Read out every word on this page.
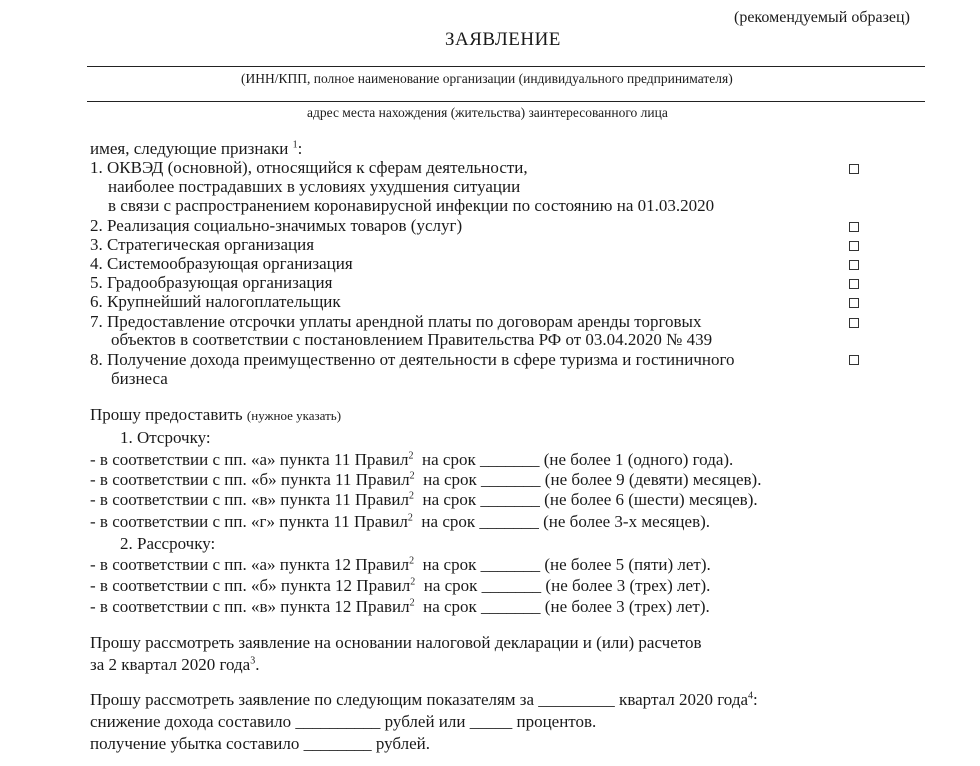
(рекомендуемый образец)
ЗАЯВЛЕНИЕ
(ИНН/КПП, полное наименование организации (индивидуального предпринимателя)
адрес места нахождения (жительства) заинтересованного лица
имея, следующие признаки $^1$:
1. ОКВЭД (основной), относящийся к сферам деятельности,
наиболее пострадавших в условиях ухудшения ситуации
в связи с распространением коронавирусной инфекции по состоянию на 01.03.2020
2. Реализация социально-значимых товаров (услуг)
3. Стратегическая организация
4. Системообразующая организация
5. Градообразующая организация
6. Крупнейший налогоплательщик
7. Предоставление отсрочки уплаты арендной платы по договорам аренды торговых
объектов в соответствии с постановлением Правительства РФ от 03.04.2020 № 439
8. Получение дохода преимущественно от деятельности в сфере туризма и гостиничного
бизнеса
Прошу предоставить (нужное указать)
1. Отсрочку:
- в соответствии с пп. «а» пункта 11 Правил$^2$  на срок _______ (не более 1 (одного) года).
- в соответствии с пп. «б» пункта 11 Правил$^2$  на срок _______ (не более 9 (девяти) месяцев).
- в соответствии с пп. «в» пункта 11 Правил$^2$  на срок _______ (не более 6 (шести) месяцев).
- в соответствии с пп. «г» пункта 11 Правил$^2$  на срок _______ (не более 3-х месяцев).
2. Рассрочку:
- в соответствии с пп. «а» пункта 12 Правил$^2$  на срок _______ (не более 5 (пяти) лет).
- в соответствии с пп. «б» пункта 12 Правил$^2$  на срок _______ (не более 3 (трех) лет).
- в соответствии с пп. «в» пункта 12 Правил$^2$  на срок _______ (не более 3 (трех) лет).
Прошу рассмотреть заявление на основании налоговой декларации и (или) расчетов
за 2 квартал 2020 года$^3$.
Прошу рассмотреть заявление по следующим показателям за _________ квартал 2020 года$^4$:
снижение дохода составило __________ рублей или _____ процентов.
получение убытка составило ________ рублей.
